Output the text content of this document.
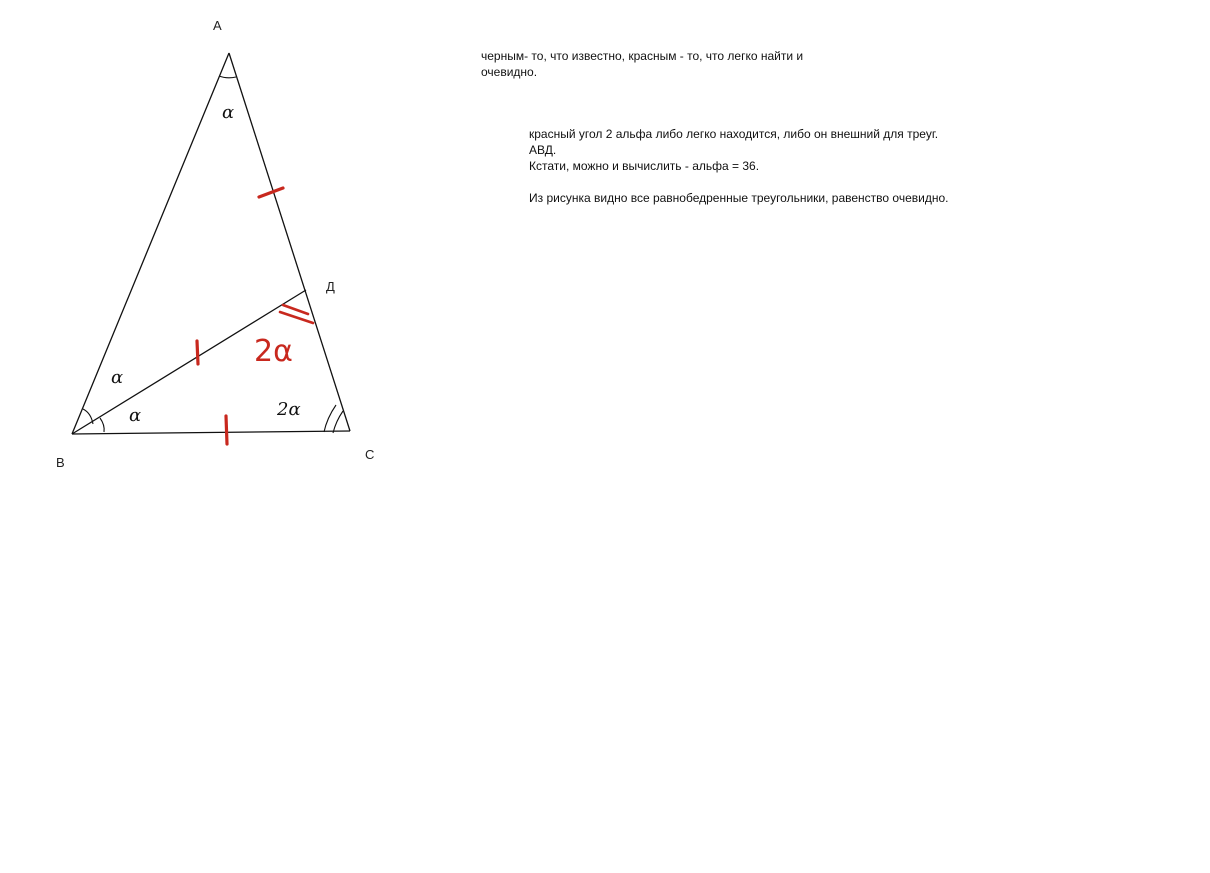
A
B
C
Д
α
α
α	2α
2α

черным- то, что известно, красным - то, что легко найти и очевидно.

красный угол 2 альфа либо легко находится, либо он внешний для треуг. АВД.

Кстати, можно и вычислить - альфа = 36.

Из рисунка видно все равнобедренные треугольники, равенство очевидно.
